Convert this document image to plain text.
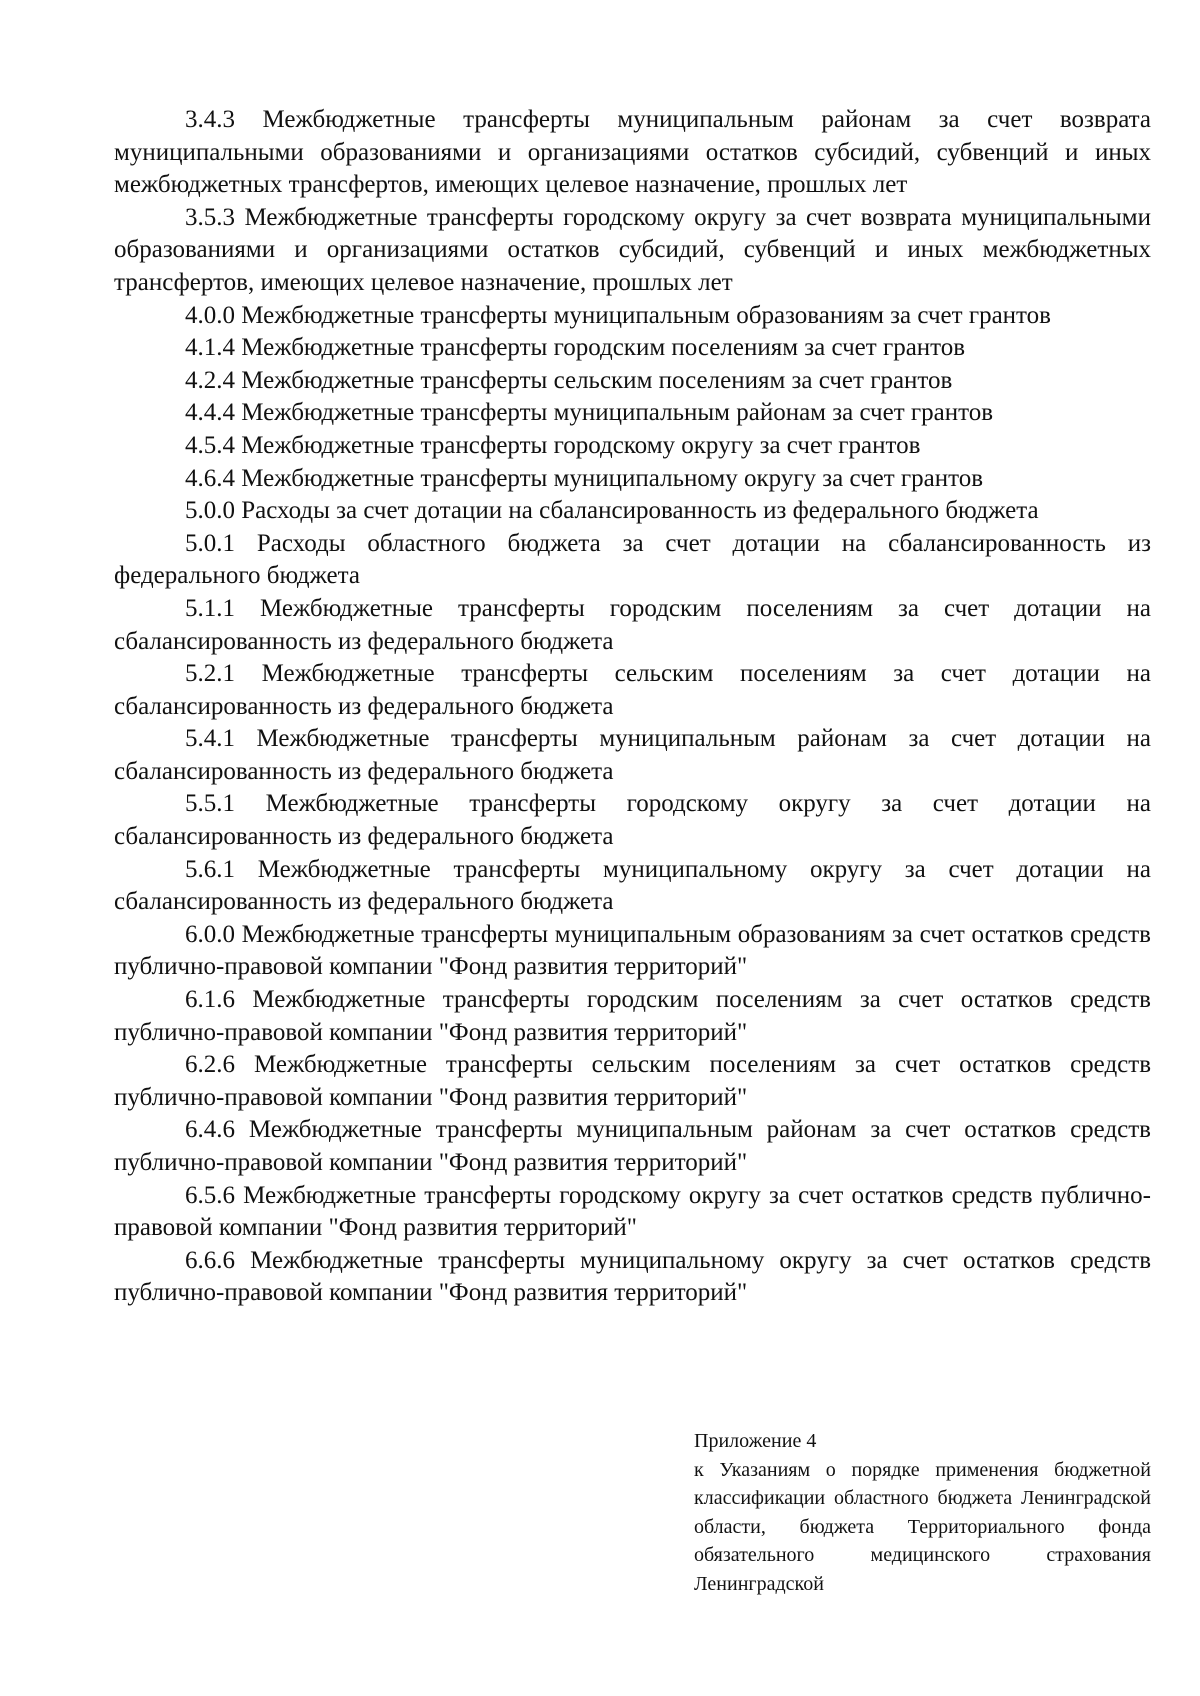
3.4.3 Межбюджетные трансферты муниципальным районам за счет возврата муниципальными образованиями и организациями остатков субсидий, субвенций и иных межбюджетных трансфертов, имеющих целевое назначение, прошлых лет

3.5.3 Межбюджетные трансферты городскому округу за счет возврата муниципальными образованиями и организациями остатков субсидий, субвенций и иных межбюджетных трансфертов, имеющих целевое назначение, прошлых лет

4.0.0 Межбюджетные трансферты муниципальным образованиям за счет грантов

4.1.4 Межбюджетные трансферты городским поселениям за счет грантов

4.2.4 Межбюджетные трансферты сельским поселениям за счет грантов

4.4.4 Межбюджетные трансферты муниципальным районам за счет грантов

4.5.4 Межбюджетные трансферты городскому округу за счет грантов

4.6.4 Межбюджетные трансферты муниципальному округу за счет грантов

5.0.0 Расходы за счет дотации на сбалансированность из федерального бюджета

5.0.1 Расходы областного бюджета за счет дотации на сбалансированность из федерального бюджета

5.1.1 Межбюджетные трансферты городским поселениям за счет дотации на сбалансированность из федерального бюджета

5.2.1 Межбюджетные трансферты сельским поселениям за счет дотации на сбалансированность из федерального бюджета

5.4.1 Межбюджетные трансферты муниципальным районам за счет дотации на сбалансированность из федерального бюджета

5.5.1 Межбюджетные трансферты городскому округу за счет дотации на сбалансированность из федерального бюджета

5.6.1 Межбюджетные трансферты муниципальному округу за счет дотации на сбалансированность из федерального бюджета

6.0.0 Межбюджетные трансферты муниципальным образованиям за счет остатков средств публично-правовой компании "Фонд развития территорий"

6.1.6 Межбюджетные трансферты городским поселениям за счет остатков средств публично-правовой компании "Фонд развития территорий"

6.2.6 Межбюджетные трансферты сельским поселениям за счет остатков средств публично-правовой компании "Фонд развития территорий"

6.4.6 Межбюджетные трансферты муниципальным районам за счет остатков средств публично-правовой компании "Фонд развития территорий"

6.5.6 Межбюджетные трансферты городскому округу за счет остатков средств публично-правовой компании "Фонд развития территорий"

6.6.6 Межбюджетные трансферты муниципальному округу за счет остатков средств публично-правовой компании "Фонд развития территорий"

Приложение 4

к Указаниям о порядке применения бюджетной классификации областного бюджета Ленинградской области, бюджета Территориального фонда обязательного медицинского страхования Ленинградской
